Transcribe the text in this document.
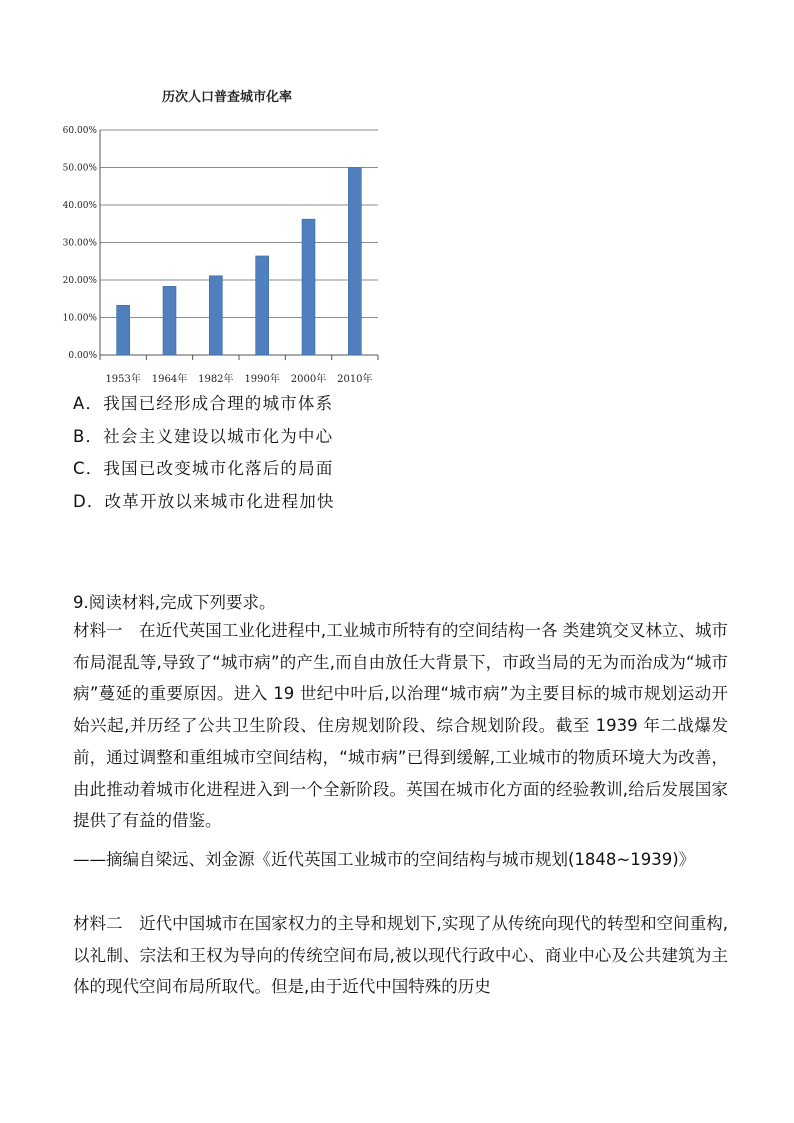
历次人口普查城市化率
0.00%
10.00%
20.00%
30.00%
40.00%
50.00%
60.00%
1953年 1964年 1982年 1990年 2000年 2010年
A．我国已经形成合理的城市体系
B．社会主义建设以城市化为中心
C．我国已改变城市化落后的局面
D．改革开放以来城市化进程加快
9.阅读材料,完成下列要求。

材料一　在近代英国工业化进程中,工业城市所特有的空间结构一各 类建筑交叉林立、城市布局混乱等,导致了“城市病”的产生,而自由放任大背景下，市政当局的无为而治成为“城市病”蔓延的重要原因。进入 19 世纪中叶后,以治理“城市病”为主要目标的城市规划运动开始兴起,并历经了公共卫生阶段、住房规划阶段、综合规划阶段。截至 1939 年二战爆发前，通过调整和重组城市空间结构，“城市病”已得到缓解,工业城市的物质环境大为改善，由此推动着城市化进程进入到一个全新阶段。英国在城市化方面的经验教训,给后发展国家提供了有益的借鉴。

——摘编自梁远、刘金源《近代英国工业城市的空间结构与城市规划(1848~1939)》

材料二　近代中国城市在国家权力的主导和规划下,实现了从传统向现代的转型和空间重构,以礼制、宗法和王权为导向的传统空间布局,被以现代行政中心、商业中心及公共建筑为主体的现代空间布局所取代。但是,由于近代中国特殊的历史
